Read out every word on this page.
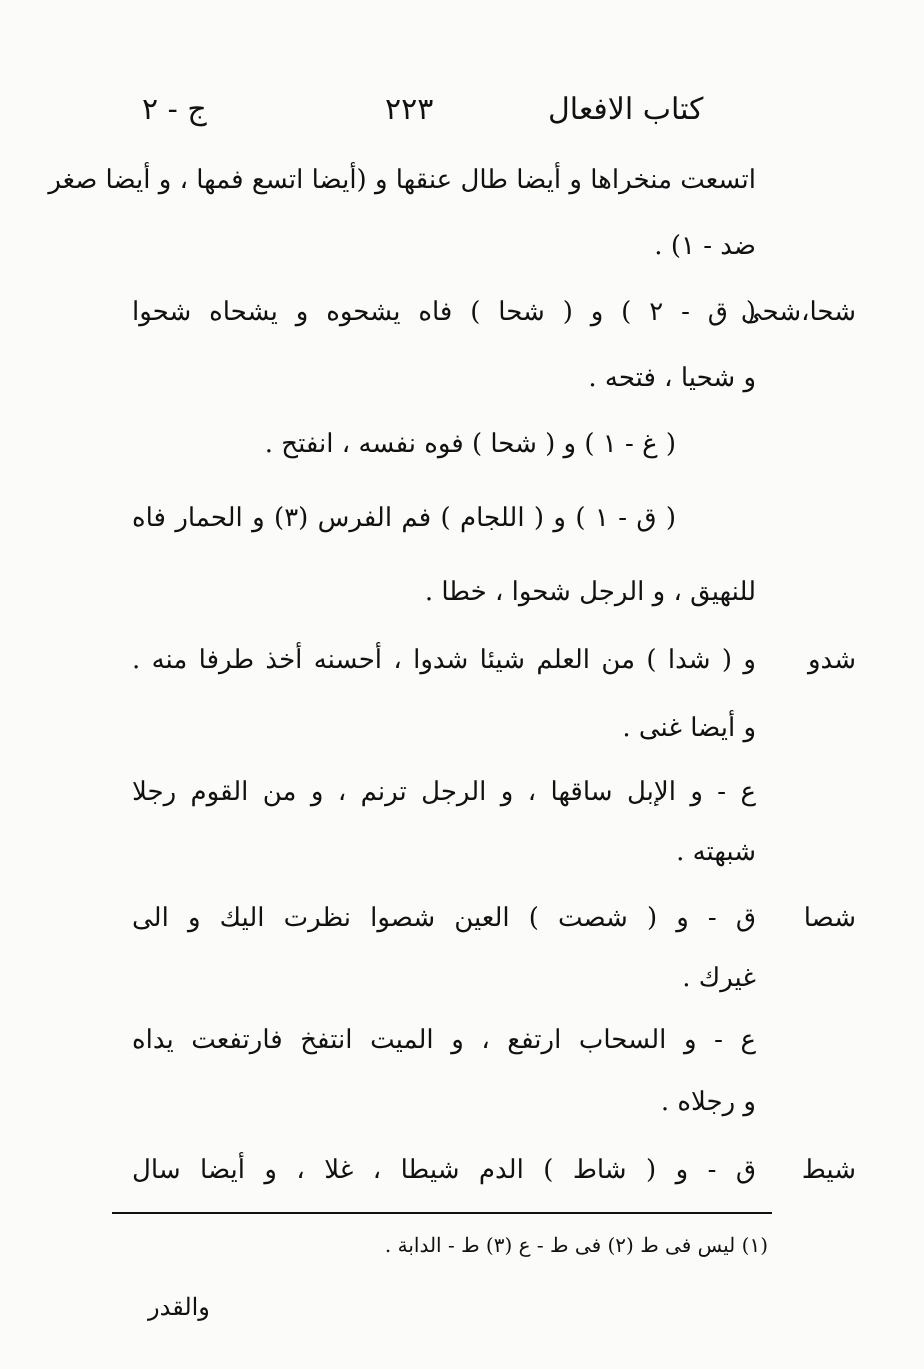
كتاب الافعال
٢٢٣
ج - ٢
اتسعت منخراها و أيضا طال عنقها و (أيضا اتسع فمها ، و أيضا صغر
ضد - ١) .
شحا،شحى
( ق - ٢ ) و ( شحا ) فاه يشحوه و يشحاه شحوا
و شحيا ، فتحه .
( غ - ١ ) و ( شحا ) فوه نفسه ، انفتح .
( ق - ١ ) و ( اللجام ) فم الفرس (٣) و الحمار فاه
للنهيق ، و الرجل شحوا ، خطا .
شدو
و ( شدا ) من العلم شيئا شدوا ، أحسنه أخذ طرفا منه .
و أيضا غنى .
ع - و الإبل ساقها ، و الرجل ترنم ، و من القوم رجلا
شبهته .
شصا
ق - و ( شصت ) العين شصوا نظرت اليك و الى
غيرك .
ع - و السحاب ارتفع ، و الميت انتفخ فارتفعت يداه
و رجلاه .
شيط
ق - و ( شاط ) الدم شيطا ، غلا ، و أيضا سال
(١) ليس فى ط (٢) فى ط - ع (٣) ط - الدابة .
والقدر
